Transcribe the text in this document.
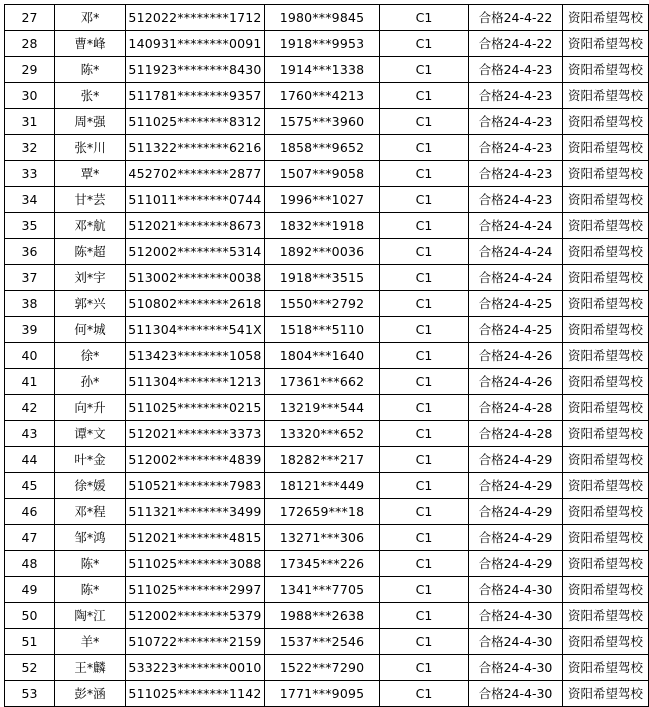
27	邓*	512022********1712	1980***9845	C1	合格24-4-22	资阳希望驾校
28	曹*峰	140931********0091	1918***9953	C1	合格24-4-22	资阳希望驾校
29	陈*	511923********8430	1914***1338	C1	合格24-4-23	资阳希望驾校
30	张*	511781********9357	1760***4213	C1	合格24-4-23	资阳希望驾校
31	周*强	511025********8312	1575***3960	C1	合格24-4-23	资阳希望驾校
32	张*川	511322********6216	1858***9652	C1	合格24-4-23	资阳希望驾校
33	覃*	452702********2877	1507***9058	C1	合格24-4-23	资阳希望驾校
34	甘*芸	511011********0744	1996***1027	C1	合格24-4-23	资阳希望驾校
35	邓*航	512021********8673	1832***1918	C1	合格24-4-24	资阳希望驾校
36	陈*超	512002********5314	1892***0036	C1	合格24-4-24	资阳希望驾校
37	刘*宇	513002********0038	1918***3515	C1	合格24-4-24	资阳希望驾校
38	郭*兴	510802********2618	1550***2792	C1	合格24-4-25	资阳希望驾校
39	何*城	511304********541X	1518***5110	C1	合格24-4-25	资阳希望驾校
40	徐*	513423********1058	1804***1640	C1	合格24-4-26	资阳希望驾校
41	孙*	511304********1213	17361***662	C1	合格24-4-26	资阳希望驾校
42	向*升	511025********0215	13219***544	C1	合格24-4-28	资阳希望驾校
43	谭*文	512021********3373	13320***652	C1	合格24-4-28	资阳希望驾校
44	叶*金	512002********4839	18282***217	C1	合格24-4-29	资阳希望驾校
45	徐*媛	510521********7983	18121***449	C1	合格24-4-29	资阳希望驾校
46	邓*程	511321********3499	172659***18	C1	合格24-4-29	资阳希望驾校
47	邹*鸿	512021********4815	13271***306	C1	合格24-4-29	资阳希望驾校
48	陈*	511025********3088	17345***226	C1	合格24-4-29	资阳希望驾校
49	陈*	511025********2997	1341***7705	C1	合格24-4-30	资阳希望驾校
50	陶*江	512002********5379	1988***2638	C1	合格24-4-30	资阳希望驾校
51	羊*	510722********2159	1537***2546	C1	合格24-4-30	资阳希望驾校
52	王*麟	533223********0010	1522***7290	C1	合格24-4-30	资阳希望驾校
53	彭*涵	511025********1142	1771***9095	C1	合格24-4-30	资阳希望驾校
